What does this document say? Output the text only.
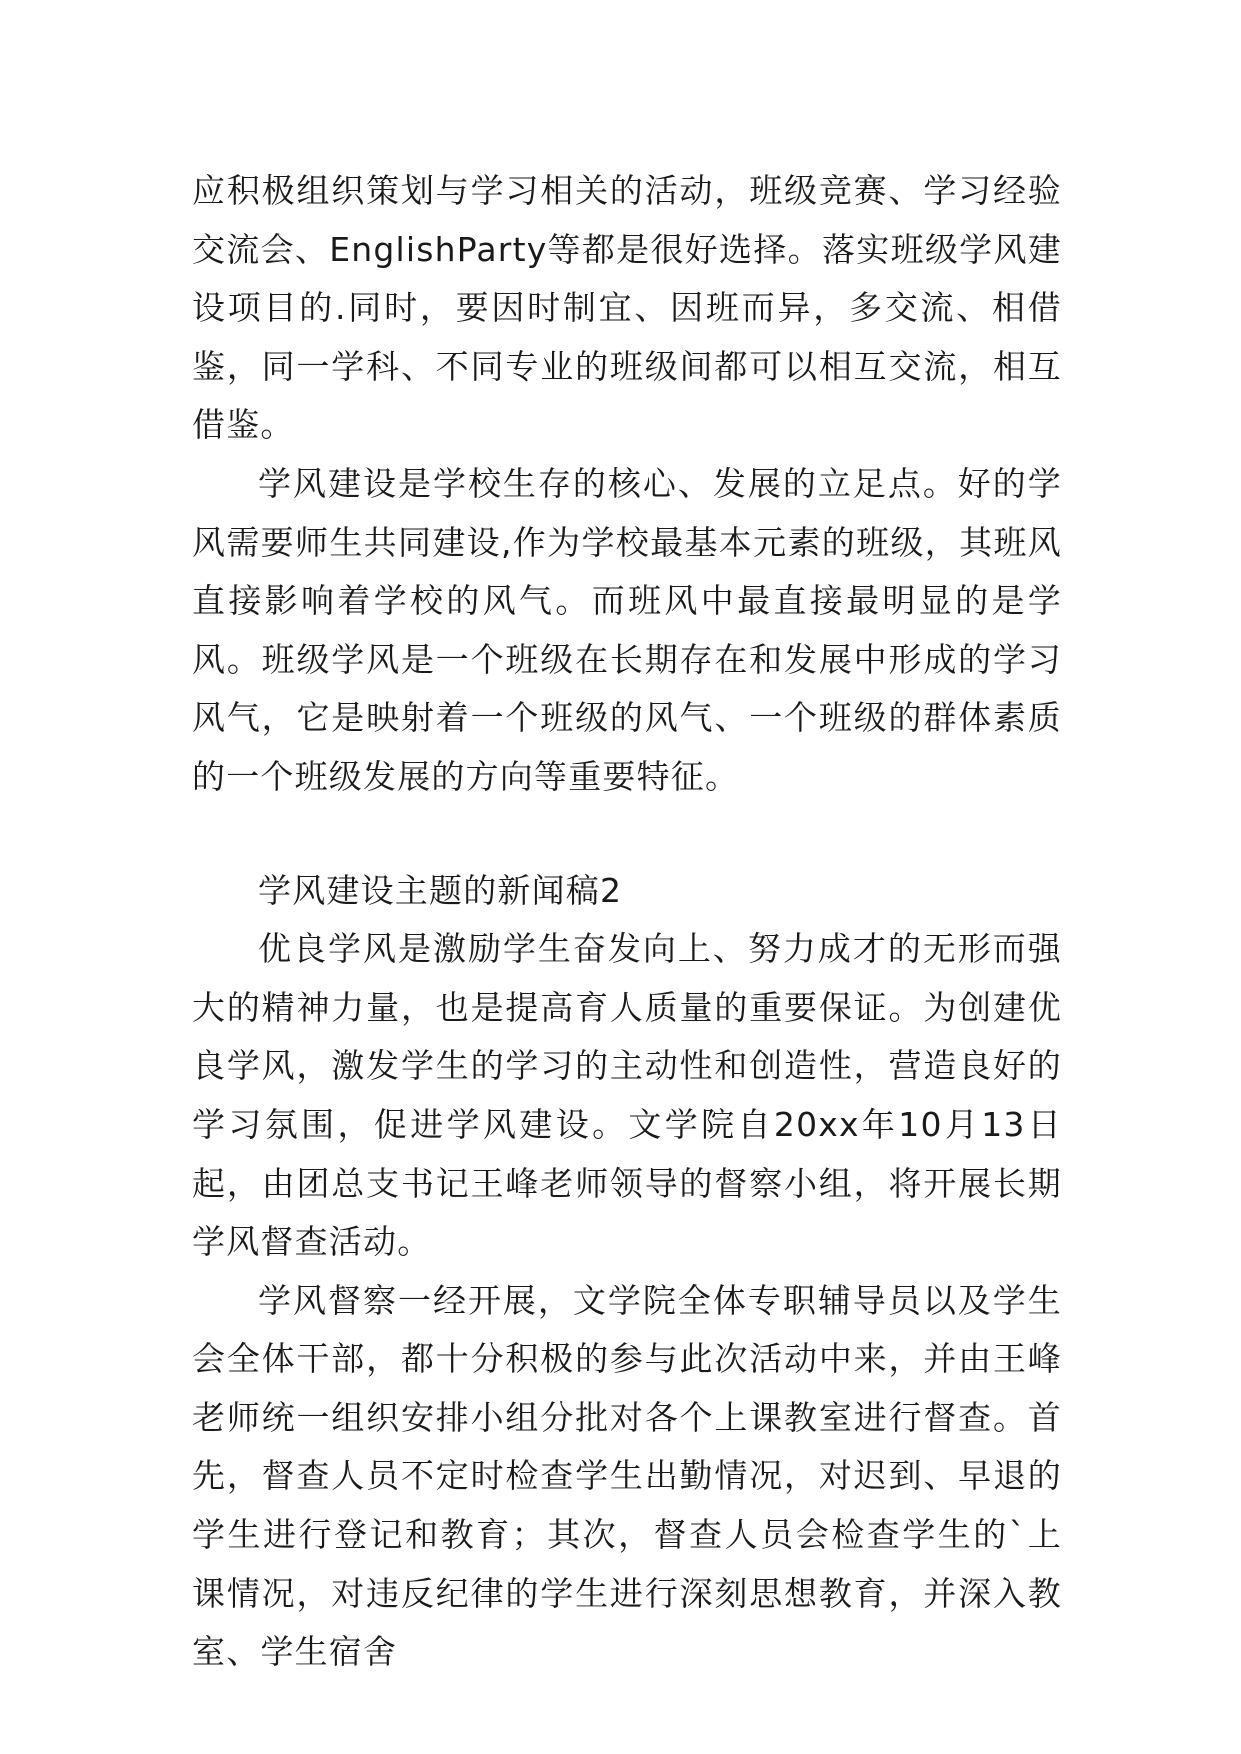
应积极组织策划与学习相关的活动，班级竞赛、学习经验交流会、EnglishParty等都是很好选择。落实班级学风建设项目的.同时，要因时制宜、因班而异，多交流、相借鉴，同一学科、不同专业的班级间都可以相互交流，相互借鉴。

学风建设是学校生存的核心、发展的立足点。好的学风需要师生共同建设,作为学校最基本元素的班级，其班风直接影响着学校的风气。而班风中最直接最明显的是学风。班级学风是一个班级在长期存在和发展中形成的学习风气，它是映射着一个班级的风气、一个班级的群体素质的一个班级发展的方向等重要特征。

学风建设主题的新闻稿2

优良学风是激励学生奋发向上、努力成才的无形而强大的精神力量，也是提高育人质量的重要保证。为创建优良学风，激发学生的学习的主动性和创造性，营造良好的学习氛围，促进学风建设。文学院自20xx年10月13日起，由团总支书记王峰老师领导的督察小组，将开展长期学风督查活动。

学风督察一经开展，文学院全体专职辅导员以及学生会全体干部，都十分积极的参与此次活动中来，并由王峰老师统一组织安排小组分批对各个上课教室进行督查。首先，督查人员不定时检查学生出勤情况，对迟到、早退的学生进行登记和教育；其次，督查人员会检查学生的`上课情况，对违反纪律的学生进行深刻思想教育，并深入教室、学生宿舍
